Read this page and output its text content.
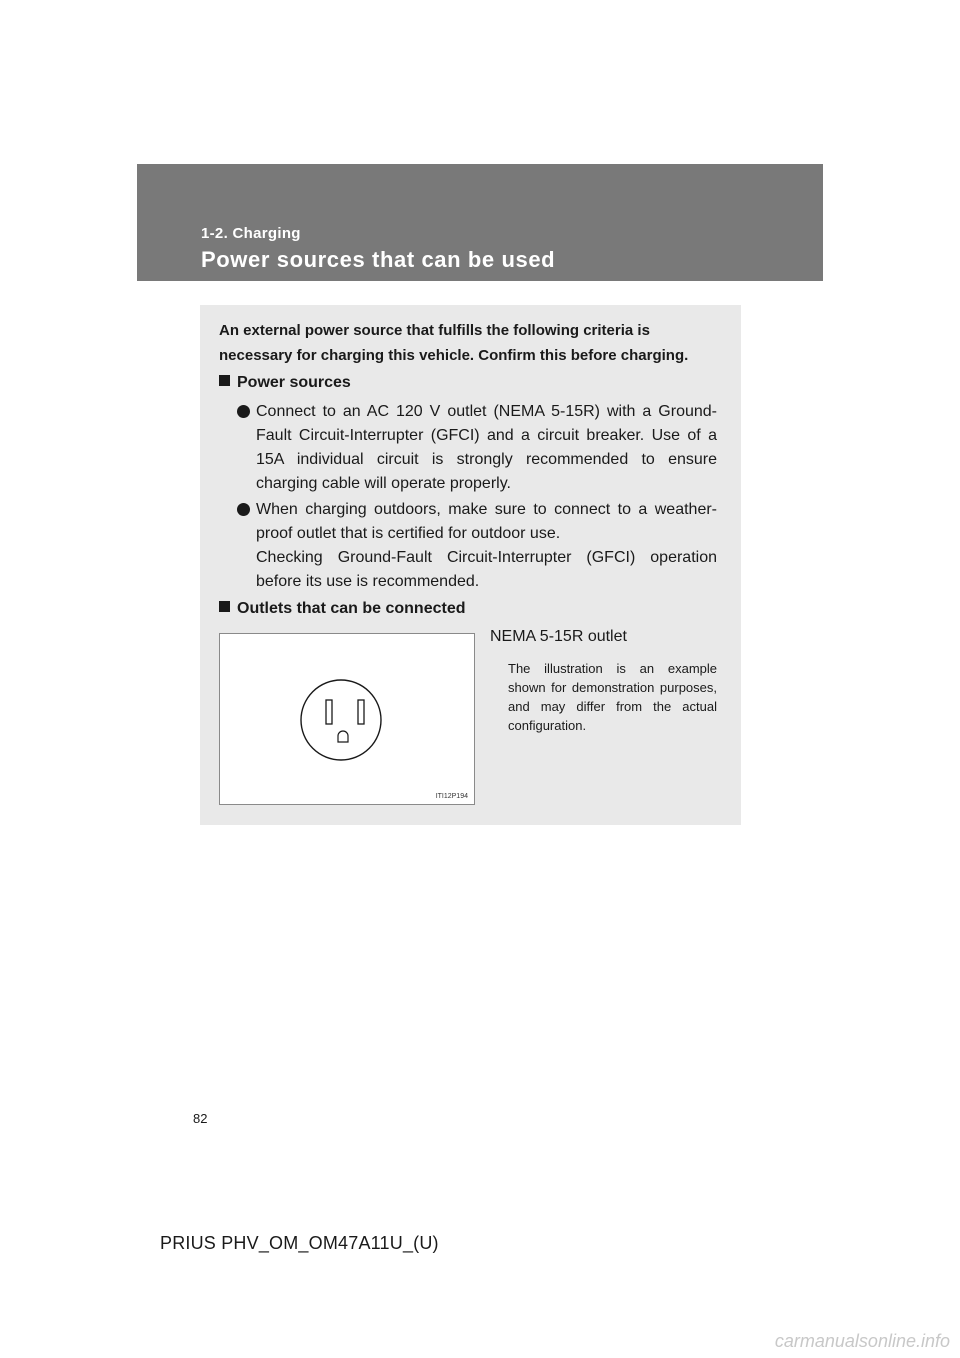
1-2. Charging
Power sources that can be used
An external power source that fulfills the following criteria is necessary for charging this vehicle. Confirm this before charging.
Power sources

Connect to an AC 120 V outlet (NEMA 5-15R) with a Ground-Fault Circuit-Interrupter (GFCI) and a circuit breaker. Use of a 15A individual circuit is strongly recommended to ensure charging cable will operate properly.

When charging outdoors, make sure to connect to a weather-proof outlet that is certified for outdoor use.

Checking Ground-Fault Circuit-Interrupter (GFCI) operation before its use is recommended.

Outlets that can be connected
ITI12P194
NEMA 5-15R outlet
The illustration is an example shown for demonstration purposes, and may differ from the actual configuration.
82
PRIUS PHV_OM_OM47A11U_(U)
carmanualsonline.info
